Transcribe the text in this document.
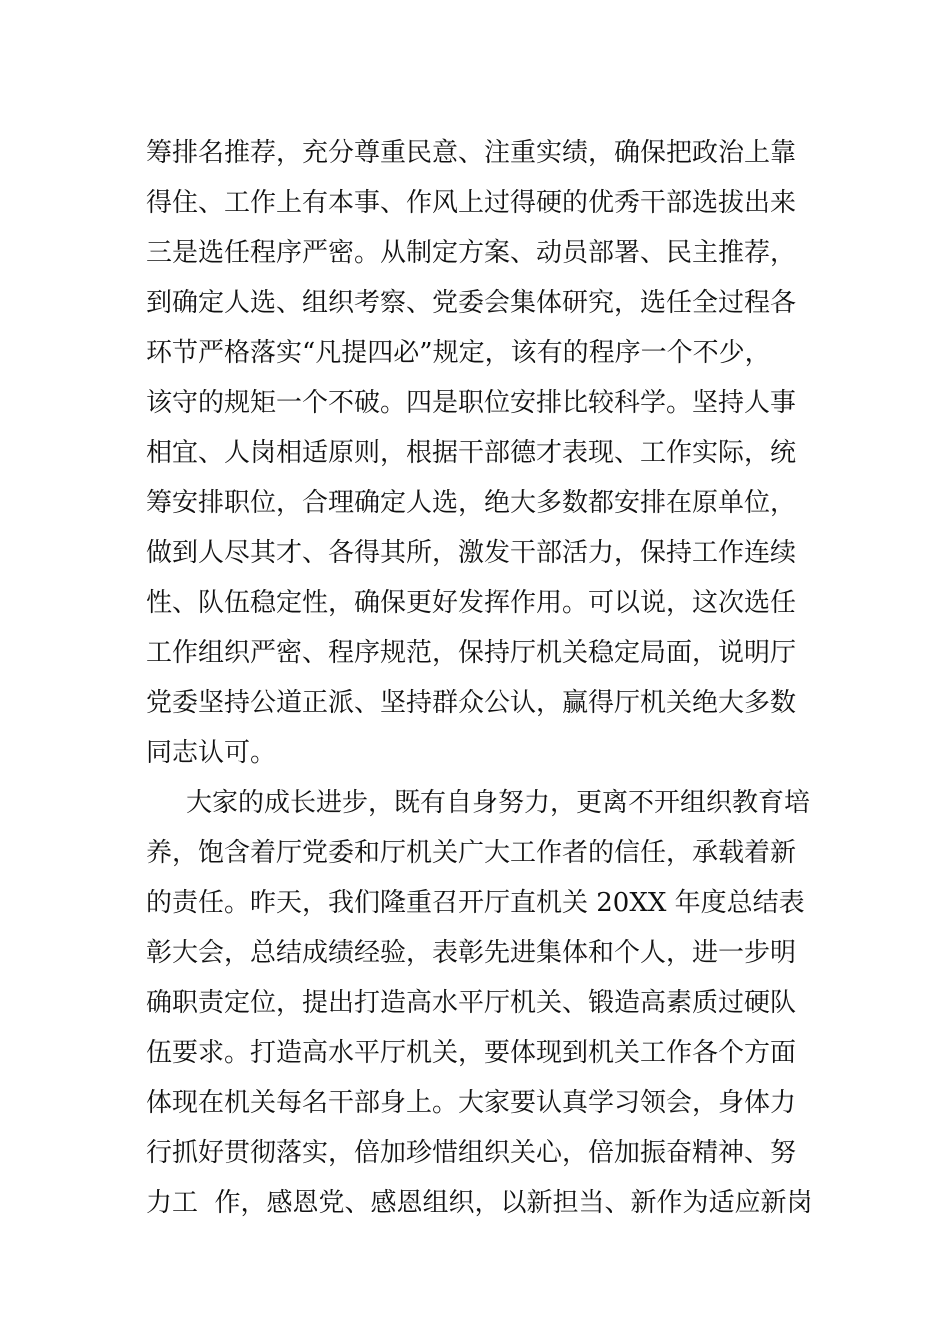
筹排名推荐，充分尊重民意、注重实绩，确保把政治上靠
得住、工作上有本事、作风上过得硬的优秀干部选拔出来
三是选任程序严密。从制定方案、动员部署、民主推荐，
到确定人选、组织考察、党委会集体研究，选任全过程各
环节严格落实“凡提四必”规定，该有的程序一个不少，
该守的规矩一个不破。四是职位安排比较科学。坚持人事
相宜、人岗相适原则，根据干部德才表现、工作实际，统
筹安排职位，合理确定人选，绝大多数都安排在原单位，
做到人尽其才、各得其所，激发干部活力，保持工作连续
性、队伍稳定性，确保更好发挥作用。可以说，这次选任
工作组织严密、程序规范，保持厅机关稳定局面，说明厅
党委坚持公道正派、坚持群众公认，赢得厅机关绝大多数
同志认可。
大家的成长进步，既有自身努力，更离不开组织教育培
养，饱含着厅党委和厅机关广大工作者的信任，承载着新
的责任。昨天，我们隆重召开厅直机关 20XX 年度总结表
彰大会，总结成绩经验，表彰先进集体和个人，进一步明
确职责定位，提出打造高水平厅机关、锻造高素质过硬队
伍要求。打造高水平厅机关，要体现到机关工作各个方面
体现在机关每名干部身上。大家要认真学习领会，身体力
行抓好贯彻落实，倍加珍惜组织关心，倍加振奋精神、努
力工  作，感恩党、感恩组织，以新担当、新作为适应新岗
